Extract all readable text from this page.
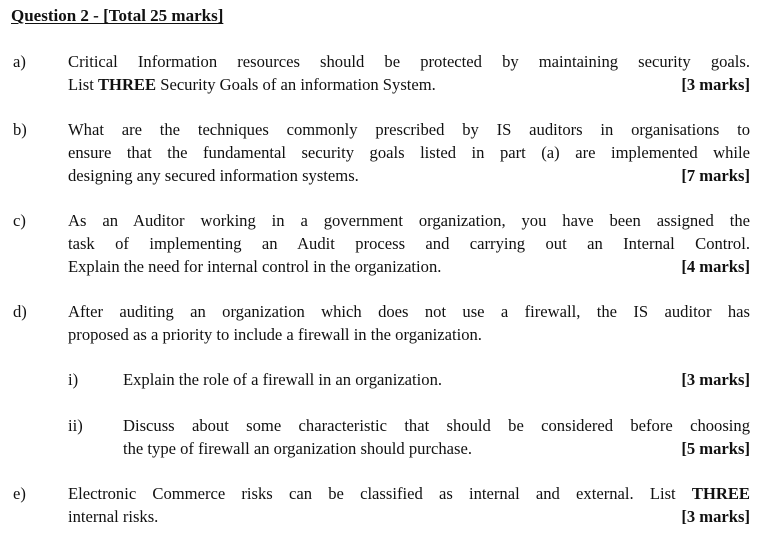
Question 2 - [Total 25 marks]
a)	Critical Information resources should be protected by maintaining security goals.
List THREE Security Goals of an information System.	[3 marks]
b) What are the techniques commonly prescribed by IS auditors in organisations to
ensure that the fundamental security goals listed in part (a) are implemented while
designing any secured information systems.	[7 marks]
c)	As an Auditor working in a government organization, you have been assigned the
task of implementing an Audit process and carrying out an Internal Control.
Explain the need for internal control in the organization.	[4 marks]
d) After auditing an organization which does not use a firewall, the IS auditor has
proposed as a priority to include a firewall in the organization.
i)	Explain the role of a firewall in an organization.	[3 marks]
ii) Discuss about some characteristic that should be considered before choosing
the type of firewall an organization should purchase.	[5 marks]
e)	Electronic Commerce risks can be classified as internal and external. List THREE
internal risks.	[3 marks]
